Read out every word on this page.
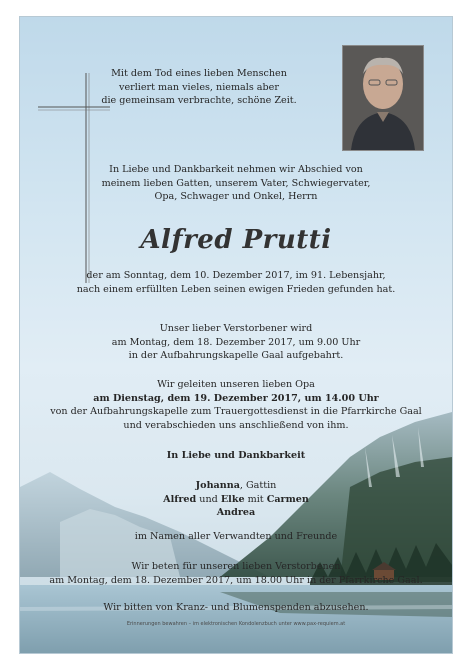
Mit dem Tod eines lieben Menschen
verliert man vieles, niemals aber
die gemeinsam verbrachte, schöne Zeit.
In Liebe und Dankbarkeit nehmen wir Abschied von
meinem lieben Gatten, unserem Vater, Schwiegervater,
Opa, Schwager und Onkel, Herrn
Alfred Prutti
der am Sonntag, dem 10. Dezember 2017, im 91. Lebensjahr,
nach einem erfüllten Leben seinen ewigen Frieden gefunden hat.
Unser lieber Verstorbener wird
am Montag, dem 18. Dezember 2017, um 9.00 Uhr
in der Aufbahrungskapelle Gaal aufgebahrt.
Wir geleiten unseren lieben Opa
am Dienstag, dem 19. Dezember 2017, um 14.00 Uhr
von der Aufbahrungskapelle zum Trauergottesdienst in die Pfarrkirche Gaal
und verabschieden uns anschließend von ihm.
In Liebe und Dankbarkeit
Johanna, Gattin
Alfred und Elke mit Carmen
Andrea
im Namen aller Verwandten und Freunde
Wir beten für unseren lieben Verstorbenen
am Montag, dem 18. Dezember 2017, um 18.00 Uhr in der Pfarrkirche Gaal.
Wir bitten von Kranz- und Blumenspenden abzusehen.
Erinnerungen bewahren – im elektronischen Kondolenzbuch unter www.pax-requiem.at
